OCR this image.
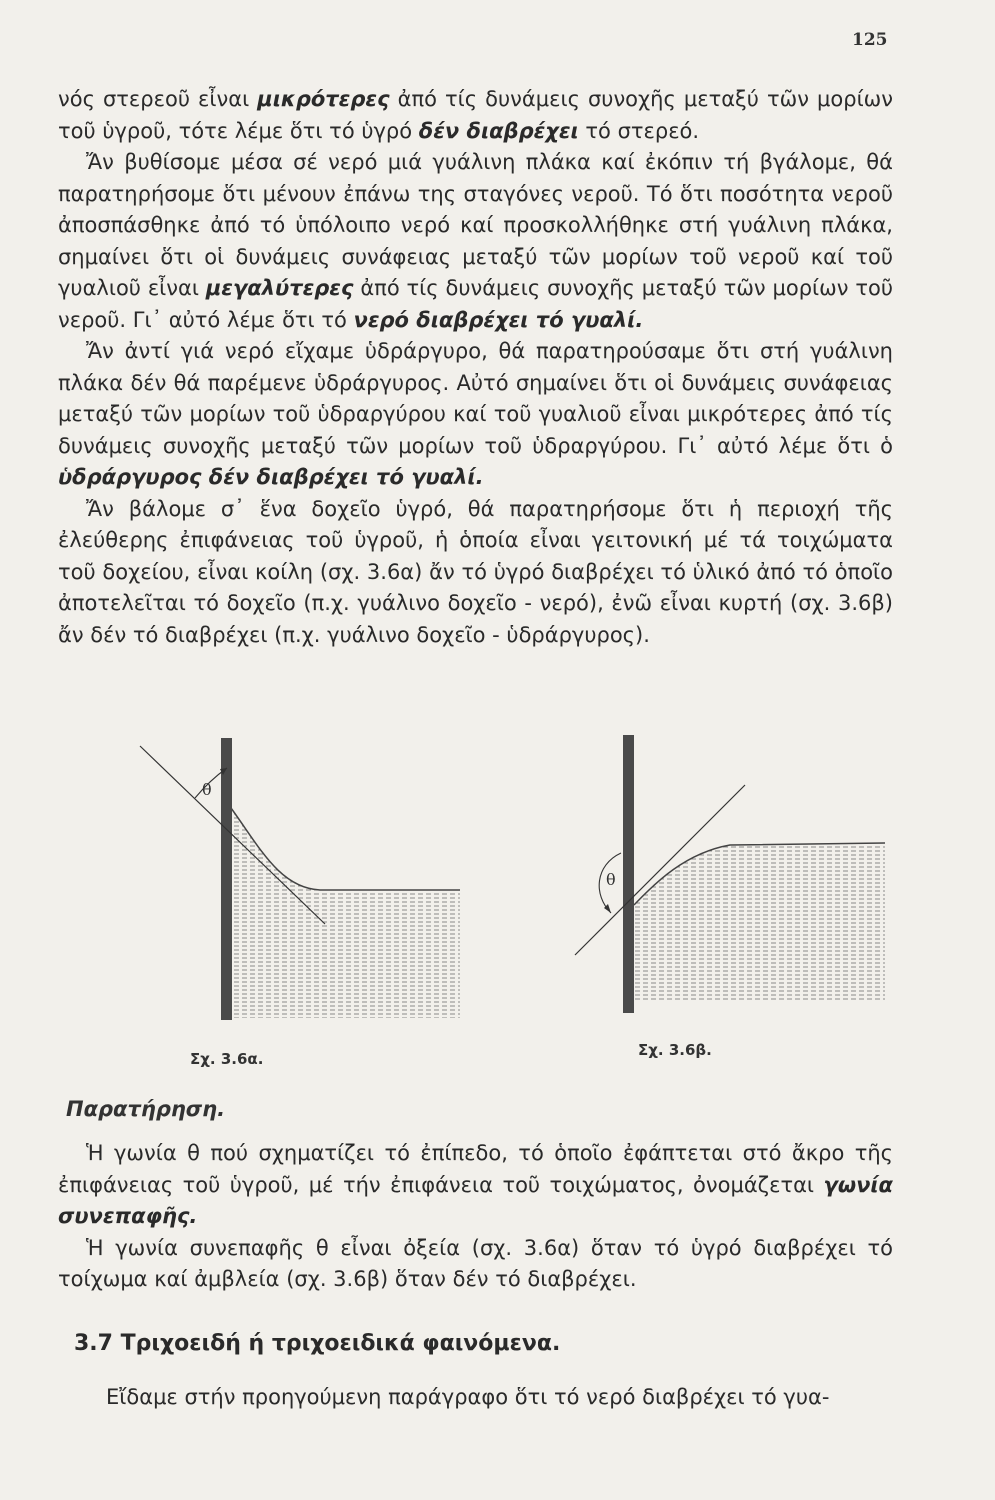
125

νός στερεοῦ εἶναι μικρότερες ἀπό τίς δυνάμεις συνοχῆς μεταξύ τῶν μορίων τοῦ ὑγροῦ, τότε λέμε ὅτι τό ὑγρό δέν διαβρέχει τό στερεό.

Ἄν βυθίσομε μέσα σέ νερό μιά γυάλινη πλάκα καί ἐκόπιν τή βγάλομε, θά παρατηρήσομε ὅτι μένουν ἐπάνω της σταγόνες νεροῦ. Τό ὅτι ποσότητα νεροῦ ἀποσπάσθηκε ἀπό τό ὑπόλοιπο νερό καί προσκολλήθηκε στή γυάλινη πλάκα, σημαίνει ὅτι οἱ δυνάμεις συνάφειας μεταξύ τῶν μορίων τοῦ νεροῦ καί τοῦ γυαλιοῦ εἶναι μεγαλύτερες ἀπό τίς δυνάμεις συνοχῆς μεταξύ τῶν μορίων τοῦ νεροῦ. Γι᾽ αὐτό λέμε ὅτι τό νερό διαβρέχει τό γυαλί.

Ἄν ἀντί γιά νερό εἴχαμε ὑδράργυρο, θά παρατηρούσαμε ὅτι στή γυάλινη πλάκα δέν θά παρέμενε ὑδράργυρος. Αὐτό σημαίνει ὅτι οἱ δυνάμεις συνάφειας μεταξύ τῶν μορίων τοῦ ὑδραργύρου καί τοῦ γυαλιοῦ εἶναι μικρότερες ἀπό τίς δυνάμεις συνοχῆς μεταξύ τῶν μορίων τοῦ ὑδραργύρου. Γι᾽ αὐτό λέμε ὅτι ὁ ὑδράργυρος δέν διαβρέχει τό γυαλί.

Ἄν βάλομε σ᾽ ἕνα δοχεῖο ὑγρό, θά παρατηρήσομε ὅτι ἡ περιοχή τῆς ἐλεύθερης ἐπιφάνειας τοῦ ὑγροῦ, ἡ ὁποία εἶναι γειτονική μέ τά τοιχώματα τοῦ δοχείου, εἶναι κοίλη (σχ. 3.6α) ἄν τό ὑγρό διαβρέχει τό ὑλικό ἀπό τό ὁποῖο ἀποτελεῖται τό δοχεῖο (π.χ. γυάλινο δοχεῖο - νερό), ἐνῶ εἶναι κυρτή (σχ. 3.6β) ἄν δέν τό διαβρέχει (π.χ. γυάλινο δοχεῖο - ὑδράργυρος).

θ
Σχ. 3.6α.
θ
Σχ. 3.6β.

Παρατήρηση.

Ἡ γωνία θ πού σχηματίζει τό ἐπίπεδο, τό ὁποῖο ἐφάπτεται στό ἄκρο τῆς ἐπιφάνειας τοῦ ὑγροῦ, μέ τήν ἐπιφάνεια τοῦ τοιχώματος, ὀνομάζεται γωνία συνεπαφῆς.

Ἡ γωνία συνεπαφῆς θ εἶναι ὀξεία (σχ. 3.6α) ὅταν τό ὑγρό διαβρέχει τό τοίχωμα καί ἀμβλεία (σχ. 3.6β) ὅταν δέν τό διαβρέχει.

3.7 Τριχοειδή ή τριχοειδικά φαινόμενα.

Εἴδαμε στήν προηγούμενη παράγραφο ὅτι τό νερό διαβρέχει τό γυα-
